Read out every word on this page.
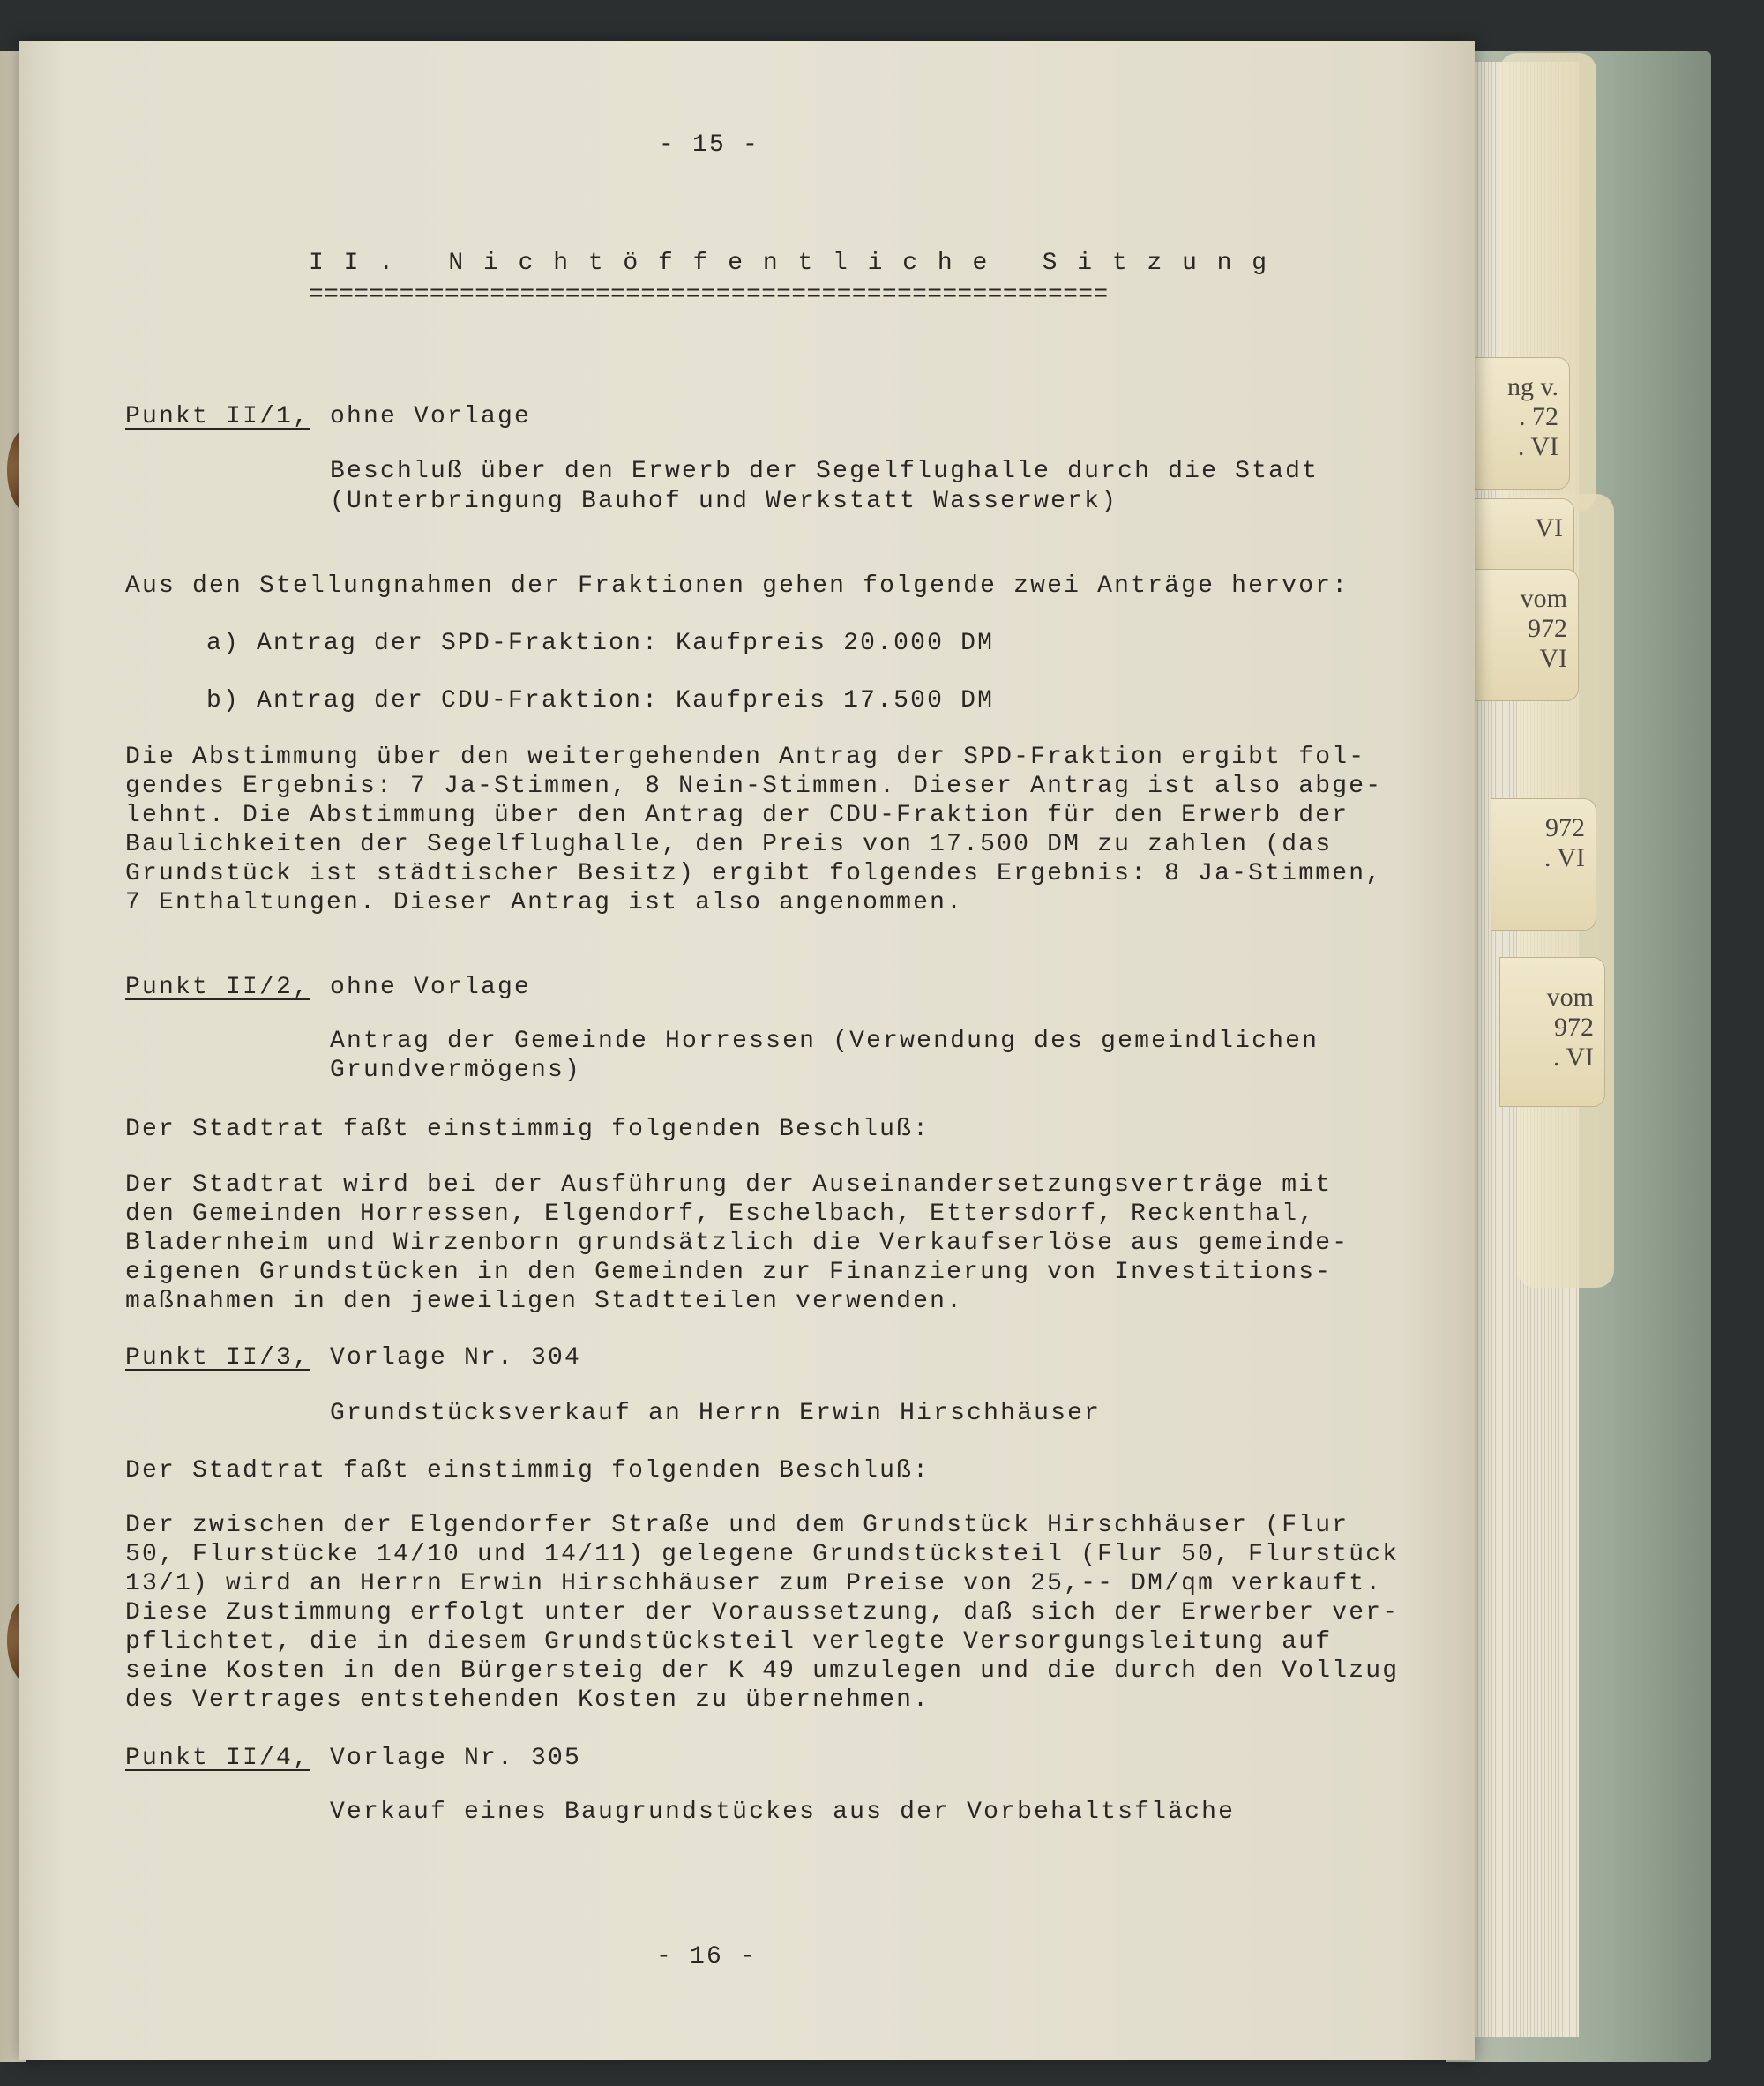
ng v.
. 72
. VI
VI
vom
972
VI
972
. VI
vom
972
. VI
- 15 -
II. Nichtöffentliche Sitzung
=====================================================
Punkt II/1, ohne Vorlage
Beschluß über den Erwerb der Segelflughalle durch die Stadt
(Unterbringung Bauhof und Werkstatt Wasserwerk)
Aus den Stellungnahmen der Fraktionen gehen folgende zwei Anträge hervor:
a) Antrag der SPD-Fraktion: Kaufpreis 20.000 DM
b) Antrag der CDU-Fraktion: Kaufpreis 17.500 DM
Die Abstimmung über den weitergehenden Antrag der SPD-Fraktion ergibt fol-
gendes Ergebnis: 7 Ja-Stimmen, 8 Nein-Stimmen. Dieser Antrag ist also abge-
lehnt. Die Abstimmung über den Antrag der CDU-Fraktion für den Erwerb der
Baulichkeiten der Segelflughalle, den Preis von 17.500 DM zu zahlen (das
Grundstück ist städtischer Besitz) ergibt folgendes Ergebnis: 8 Ja-Stimmen,
7 Enthaltungen. Dieser Antrag ist also angenommen.
Punkt II/2, ohne Vorlage
Antrag der Gemeinde Horressen (Verwendung des gemeindlichen
Grundvermögens)
Der Stadtrat faßt einstimmig folgenden Beschluß:
Der Stadtrat wird bei der Ausführung der Auseinandersetzungsverträge mit
den Gemeinden Horressen, Elgendorf, Eschelbach, Ettersdorf, Reckenthal,
Bladernheim und Wirzenborn grundsätzlich die Verkaufserlöse aus gemeinde-
eigenen Grundstücken in den Gemeinden zur Finanzierung von Investitions-
maßnahmen in den jeweiligen Stadtteilen verwenden.
Punkt II/3, Vorlage Nr. 304
Grundstücksverkauf an Herrn Erwin Hirschhäuser
Der Stadtrat faßt einstimmig folgenden Beschluß:
Der zwischen der Elgendorfer Straße und dem Grundstück Hirschhäuser (Flur
50, Flurstücke 14/10 und 14/11) gelegene Grundstücksteil (Flur 50, Flurstück
13/1) wird an Herrn Erwin Hirschhäuser zum Preise von 25,-- DM/qm verkauft.
Diese Zustimmung erfolgt unter der Voraussetzung, daß sich der Erwerber ver-
pflichtet, die in diesem Grundstücksteil verlegte Versorgungsleitung auf
seine Kosten in den Bürgersteig der K 49 umzulegen und die durch den Vollzug
des Vertrages entstehenden Kosten zu übernehmen.
Punkt II/4, Vorlage Nr. 305
Verkauf eines Baugrundstückes aus der Vorbehaltsfläche
- 16 -
